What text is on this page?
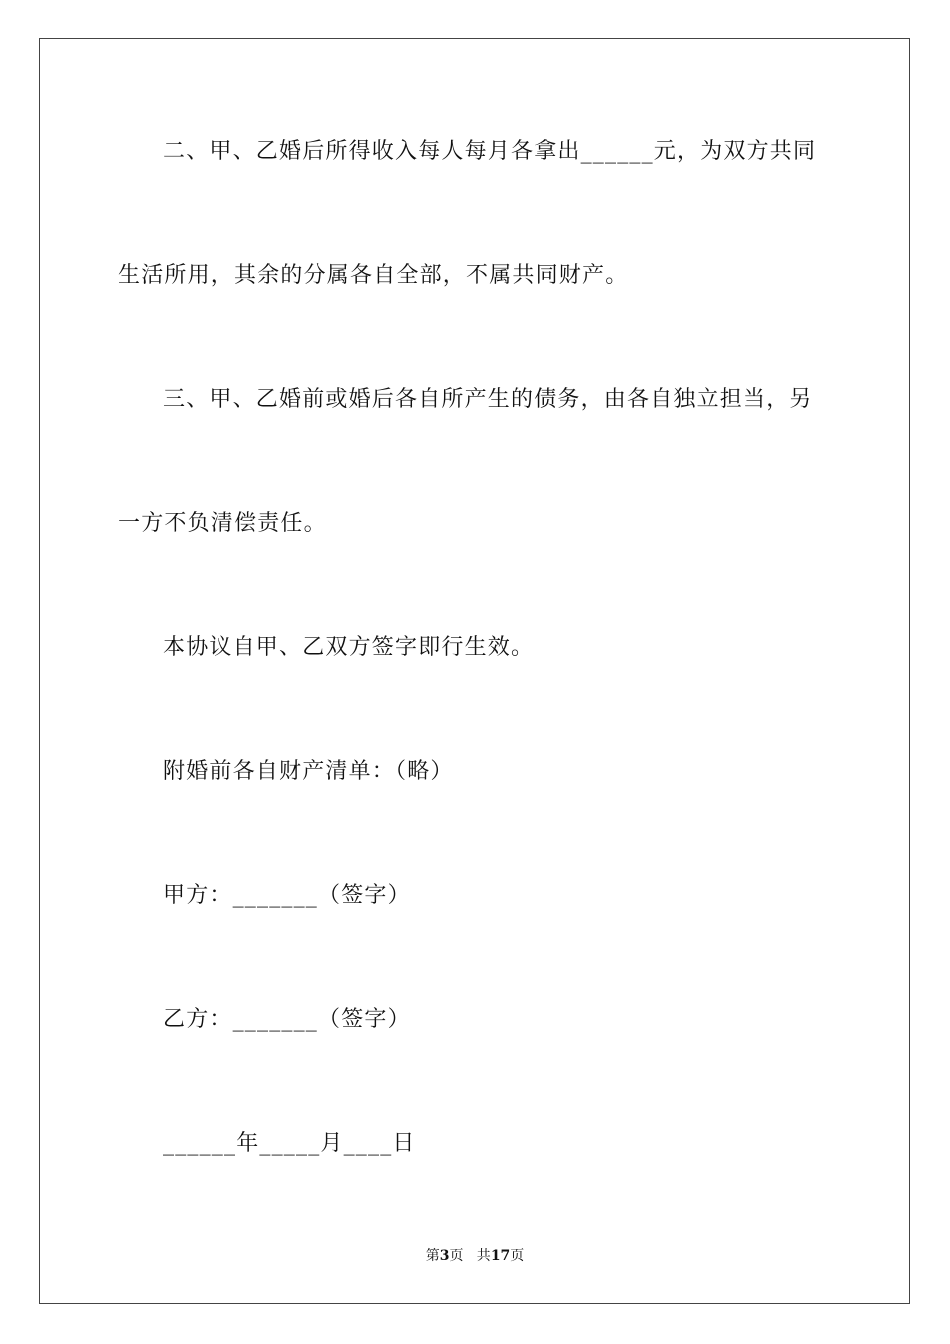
二、甲、乙婚后所得收入每人每月各拿出______元，为双方共同
生活所用，其余的分属各自全部，不属共同财产。
三、甲、乙婚前或婚后各自所产生的债务，由各自独立担当，另
一方不负清偿责任。
本协议自甲、乙双方签字即行生效。
附婚前各自财产清单：（略）
甲方：_______（签字）
乙方：_______（签字）
______年_____月____日
第3页   共17页
